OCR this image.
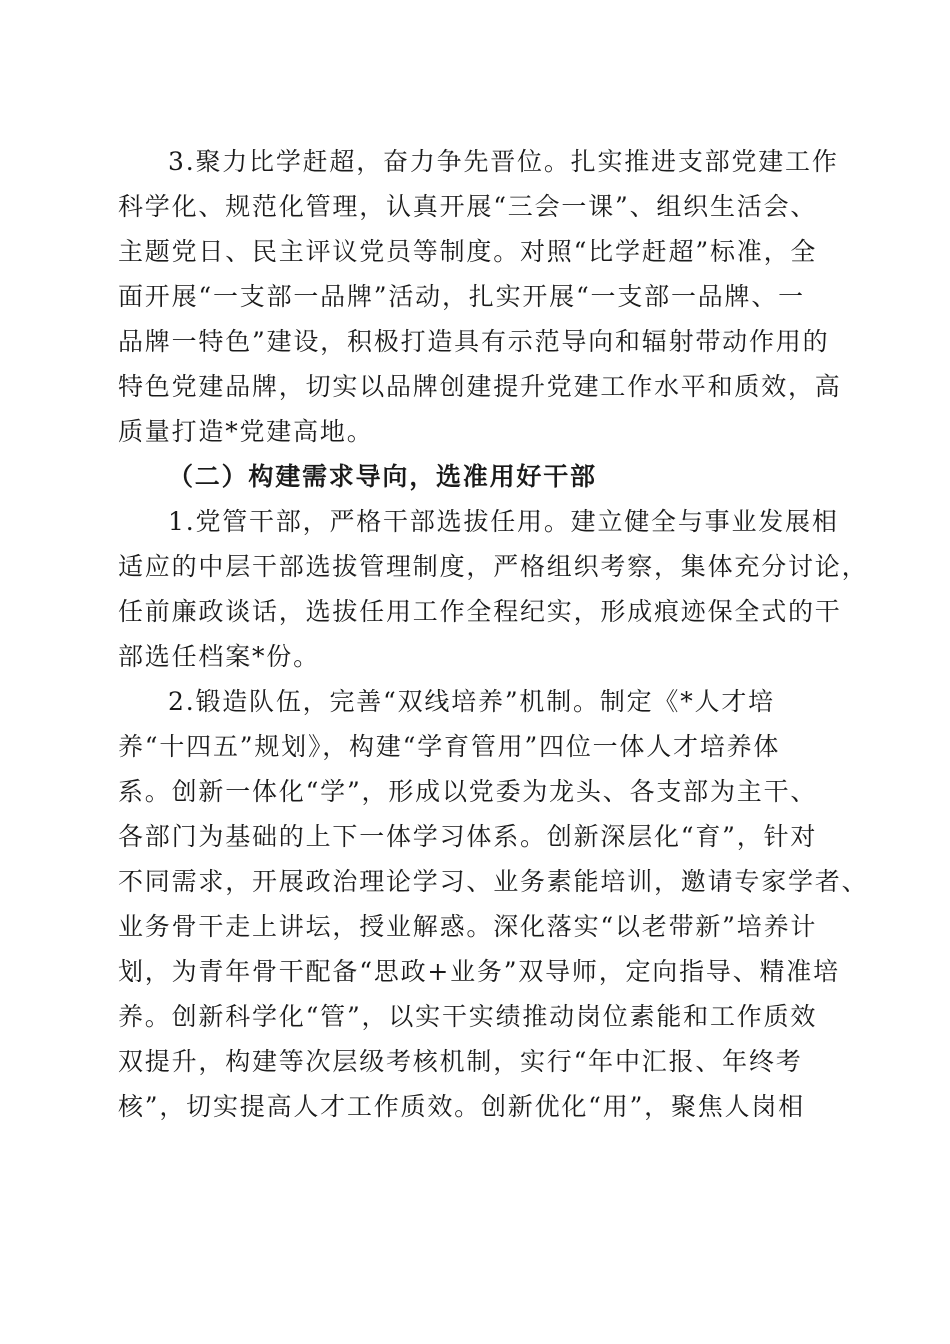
3.聚力比学赶超，奋力争先晋位。扎实推进支部党建工作
科学化、规范化管理，认真开展“三会一课”、组织生活会、
主题党日、民主评议党员等制度。对照“比学赶超”标准，全
面开展“一支部一品牌”活动，扎实开展“一支部一品牌、一
品牌一特色”建设，积极打造具有示范导向和辐射带动作用的
特色党建品牌，切实以品牌创建提升党建工作水平和质效，高
质量打造*党建高地。
（二）构建需求导向，选准用好干部
1.党管干部，严格干部选拔任用。建立健全与事业发展相
适应的中层干部选拔管理制度，严格组织考察，集体充分讨论，
任前廉政谈话，选拔任用工作全程纪实，形成痕迹保全式的干
部选任档案*份。
2.锻造队伍，完善“双线培养”机制。制定《*人才培
养“十四五”规划》，构建“学育管用”四位一体人才培养体
系。创新一体化“学”，形成以党委为龙头、各支部为主干、
各部门为基础的上下一体学习体系。创新深层化“育”，针对
不同需求，开展政治理论学习、业务素能培训，邀请专家学者、
业务骨干走上讲坛，授业解惑。深化落实“以老带新”培养计
划，为青年骨干配备“思政+业务”双导师，定向指导、精准培
养。创新科学化“管”，以实干实绩推动岗位素能和工作质效
双提升，构建等次层级考核机制，实行“年中汇报、年终考
核”，切实提高人才工作质效。创新优化“用”，聚焦人岗相
